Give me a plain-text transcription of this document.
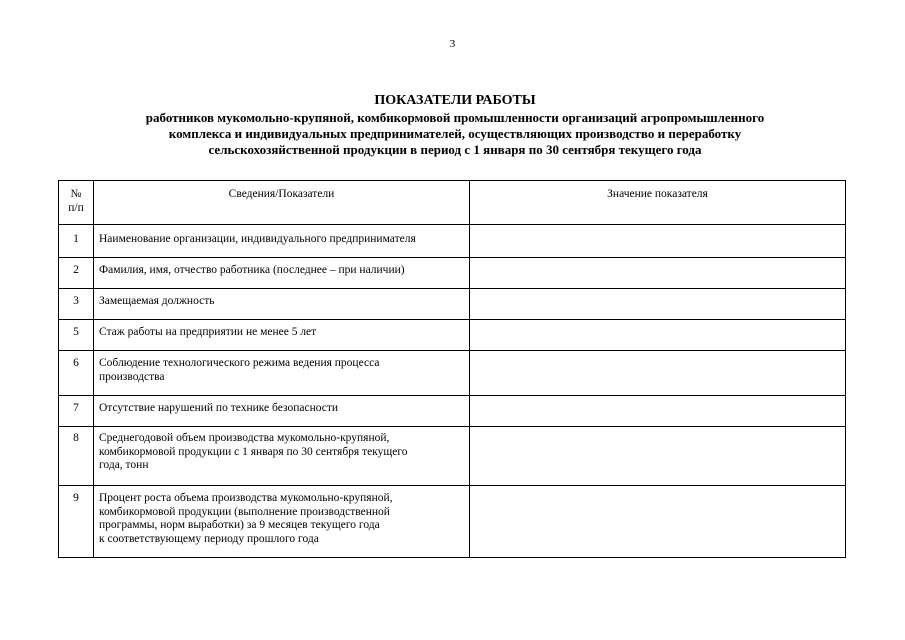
3
ПОКАЗАТЕЛИ РАБОТЫ
работников мукомольно-крупяной, комбикормовой промышленности организаций агропромышленного
комплекса и индивидуальных предпринимателей, осуществляющих производство и переработку
сельскохозяйственной продукции в период с 1 января по 30 сентября текущего года
№
п/п	Сведения/Показатели	Значение показателя
1	Наименование организации, индивидуального предпринимателя	
2	Фамилия, имя, отчество работника (последнее – при наличии)	
3	Замещаемая должность	
5	Стаж работы на предприятии не менее 5 лет	
6	Соблюдение технологического режима ведения процесса
производства	

7	Отсутствие нарушений по технике безопасности	
8	Среднегодовой объем производства мукомольно-крупяной,
комбикормовой продукции с 1 января по 30 сентября текущего
года, тонн	

9	Процент роста объема производства мукомольно-крупяной,
комбикормовой продукции (выполнение производственной
программы, норм выработки) за 9 месяцев текущего года
к соответствующему периоду прошлого года	
